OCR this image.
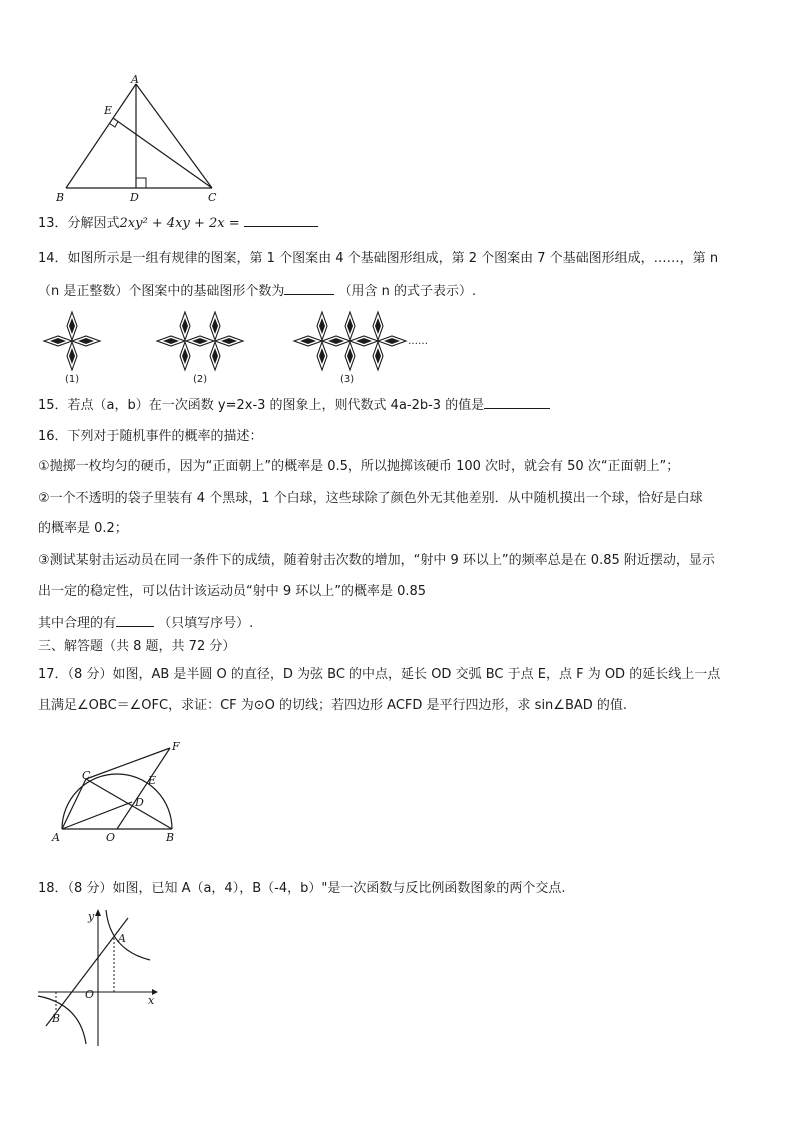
A
E
B	D	C
13．分解因式2xy² + 4xy + 2x =
14．如图所示是一组有规律的图案，第 1 个图案由 4 个基础图形组成，第 2 个图案由 7 个基础图形组成，……，第 n
（n 是正整数）个图案中的基础图形个数为	（用含 n 的式子表示）.
(1)	(2)	(3)
……
15．若点（a，b）在一次函数 y=2x-3 的图象上，则代数式 4a-2b-3 的值是
16．下列对于随机事件的概率的描述：
①抛掷一枚均匀的硬币，因为“正面朝上”的概率是 0.5，所以抛掷该硬币 100 次时，就会有 50 次“正面朝上”；
②一个不透明的袋子里装有 4 个黑球，1 个白球，这些球除了颜色外无其他差别．从中随机摸出一个球，恰好是白球
的概率是 0.2；
③测试某射击运动员在同一条件下的成绩，随着射击次数的增加，“射中 9 环以上”的频率总是在 0.85 附近摆动，显示
出一定的稳定性，可以估计该运动员“射中 9 环以上”的概率是 0.85
其中合理的有	（只填写序号）.
三、解答题（共 8 题，共 72 分）
17．（8 分）如图，AB 是半圆 O 的直径，D 为弦 BC 的中点，延长 OD 交弧 BC 于点 E，点 F 为 OD 的延长线上一点
且满足∠OBC＝∠OFC，求证：CF 为⊙O 的切线；若四边形 ACFD 是平行四边形，求 sin∠BAD 的值.
C
F
E
D
A	O	B
18．（8 分）如图，已知 A（a，4），B（-4，b）"是一次函数与反比例函数图象的两个交点.
y
A
O	x
B
